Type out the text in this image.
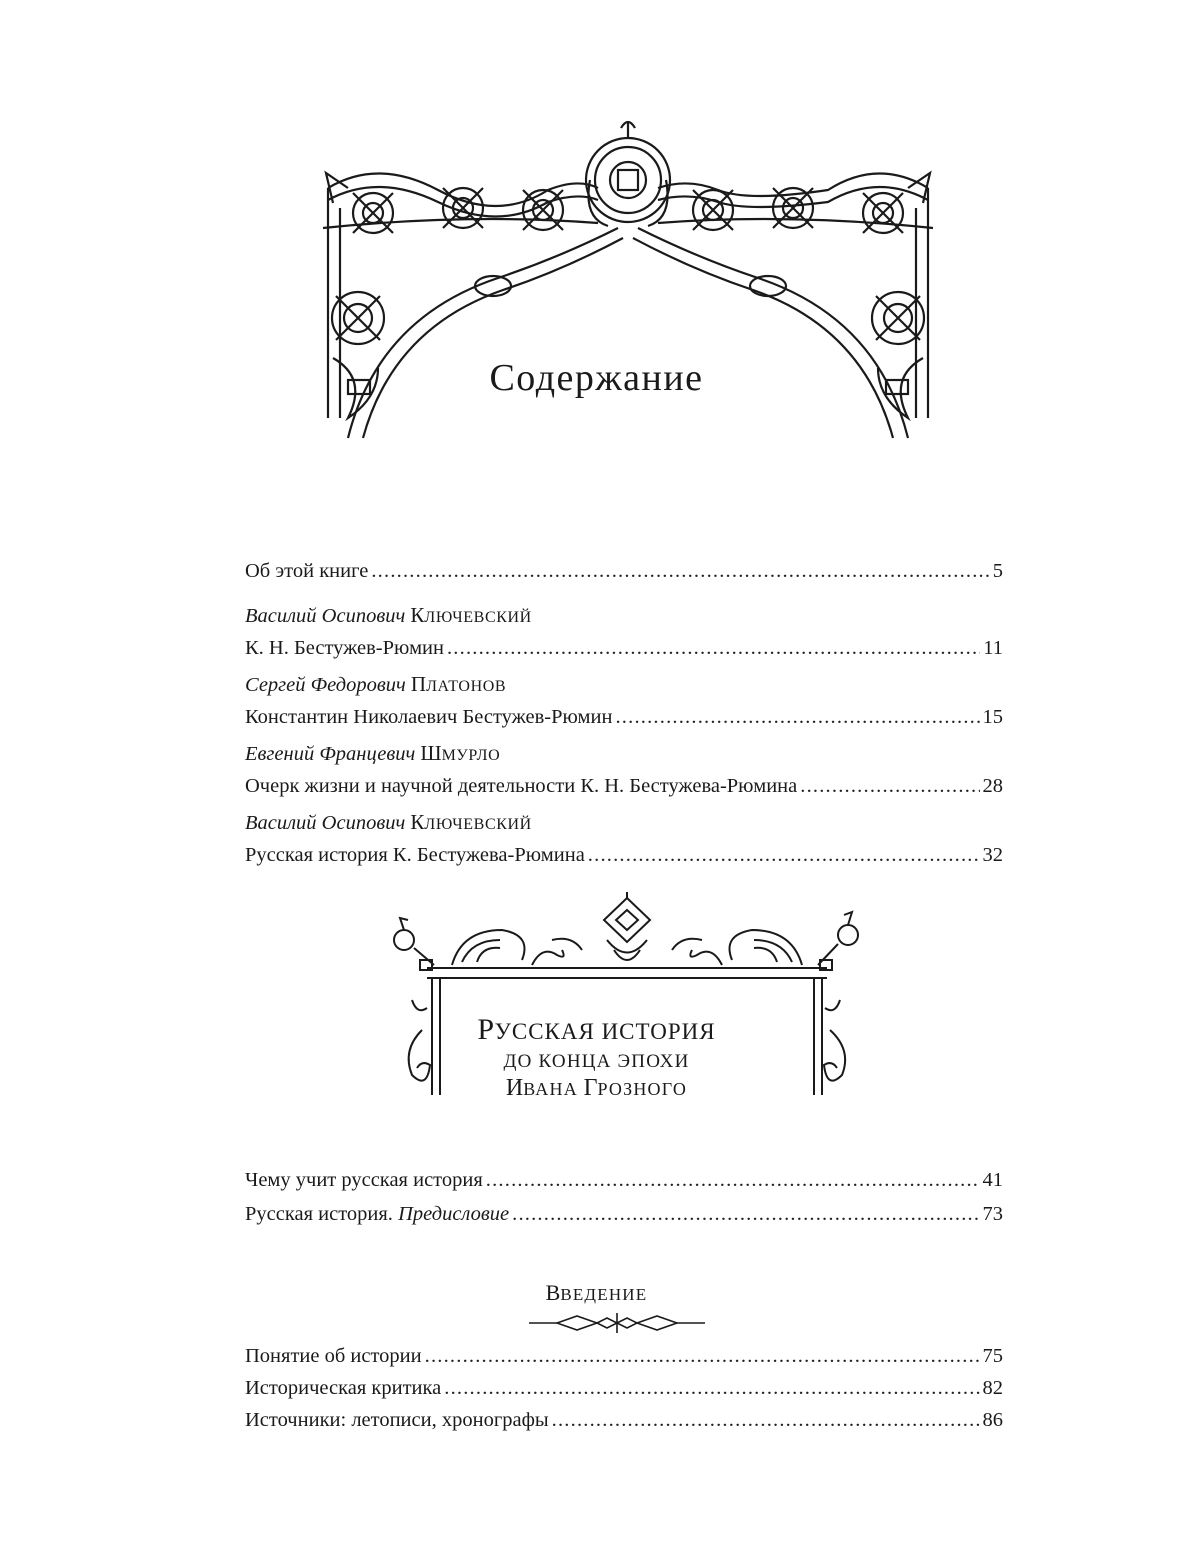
Содержание
Об этой книге .....	5

Василий Осипович КЛЮЧЕВСКИЙ

К. Н. Бестужев-Рюмин .....	11

Сергей Федорович ПЛАТОНОВ

Константин Николаевич Бестужев-Рюмин .....	15

Евгений Францевич ШМУРЛО

Очерк жизни и научной деятельности К. Н. Бестужева-Рюмина .....	28

Василий Осипович КЛЮЧЕВСКИЙ

Русская история К. Бестужева-Рюмина .....	32
РУССКАЯ ИСТОРИЯ
ДО КОНЦА ЭПОХИ
ИВАНА ГРОЗНОГО
Чему учит русская история .....	41
Русская история. Предисловие .....	73
ВВЕДЕНИЕ
Понятие об истории .....	75
Историческая критика .....	82
Источники: летописи, хронографы .....	86
